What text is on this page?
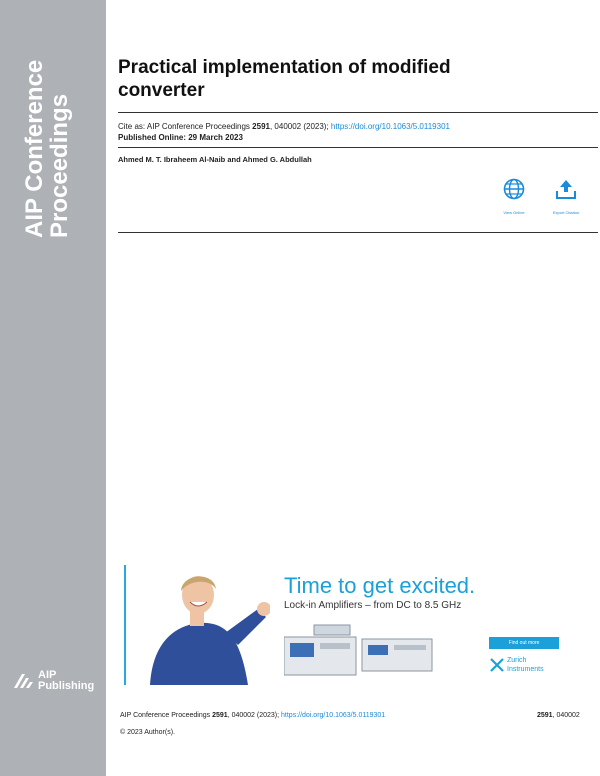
AIP Conference
Proceedings
AIP
Publishing
Practical implementation of modified converter
Cite as: AIP Conference Proceedings 2591, 040002 (2023); https://doi.org/10.1063/5.0119301
Published Online: 29 March 2023
Ahmed M. T. Ibraheem Al-Naib and Ahmed G. Abdullah
View Online	Export Citation
Time to get excited.
Lock-in Amplifiers – from DC to 8.5 GHz
Find out more
Zurich
Instruments
AIP Conference Proceedings 2591, 040002 (2023); https://doi.org/10.1063/5.0119301	2591, 040002
© 2023 Author(s).
